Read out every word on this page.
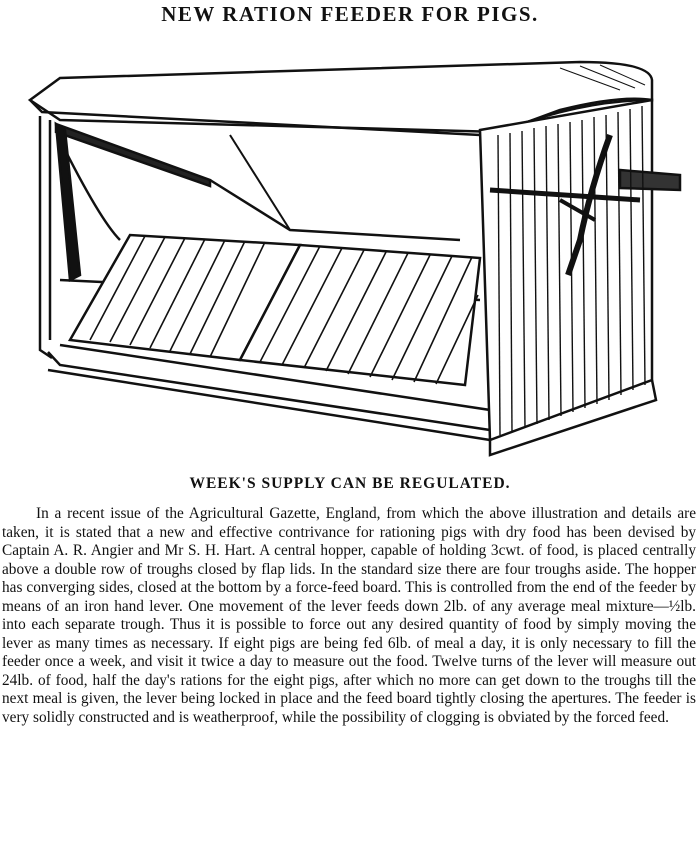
NEW RATION FEEDER FOR PIGS.
WEEK'S SUPPLY CAN BE REGULATED.

In a recent issue of the Agricultural Gazette, England, from which the above illustration and details are taken, it is stated that a new and effective contrivance for rationing pigs with dry food has been devised by Captain A. R. Angier and Mr S. H. Hart. A central hopper, capable of holding 3cwt. of food, is placed centrally above a double row of troughs closed by flap lids. In the standard size there are four troughs aside. The hopper has converging sides, closed at the bottom by a force-feed board. This is controlled from the end of the feeder by means of an iron hand lever. One movement of the lever feeds down 2lb. of any average meal mixture—½lb. into each separate trough. Thus it is possible to force out any desired quantity of food by simply moving the lever as many times as necessary. If eight pigs are being fed 6lb. of meal a day, it is only necessary to fill the feeder once a week, and visit it twice a day to measure out the food. Twelve turns of the lever will measure out 24lb. of food, half the day's rations for the eight pigs, after which no more can get down to the troughs till the next meal is given, the lever being locked in place and the feed board tightly closing the apertures. The feeder is very solidly constructed and is weatherproof, while the possibility of clogging is obviated by the forced feed.
